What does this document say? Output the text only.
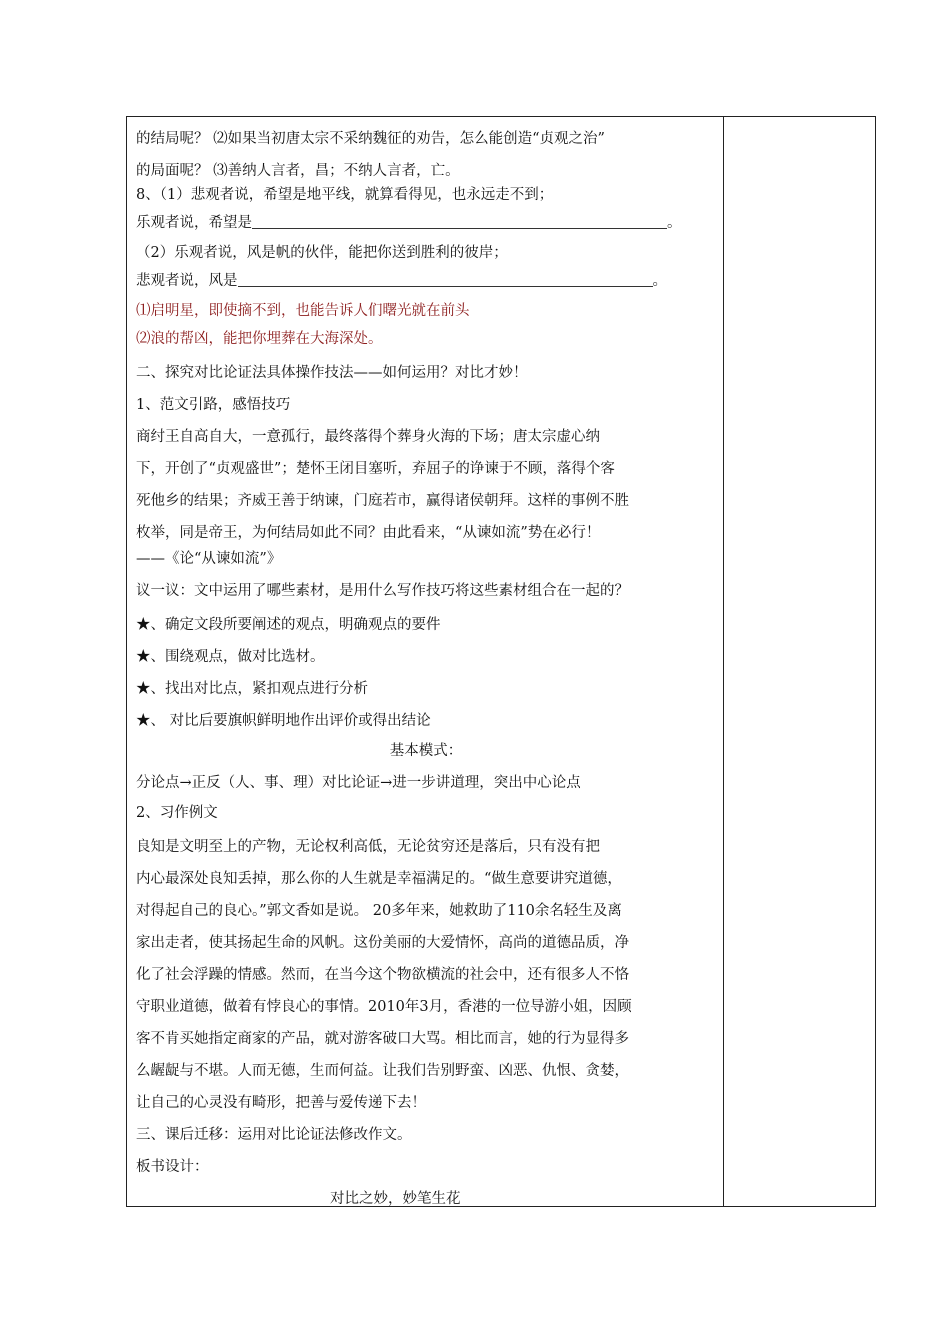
的结局呢？ ⑵如果当初唐太宗不采纳魏征的劝告，怎么能创造“贞观之治”
的局面呢？ ⑶善纳人言者，昌；不纳人言者，亡。
8、（1）悲观者说，希望是地平线，就算看得见，也永远走不到；
乐观者说，希望是	。
（2）乐观者说，风是帆的伙伴，能把你送到胜利的彼岸；
悲观者说，风是	。
⑴启明星，即使摘不到，也能告诉人们曙光就在前头
⑵浪的帮凶，能把你埋葬在大海深处。
二、探究对比论证法具体操作技法——如何运用？对比才妙！
1、范文引路，感悟技巧
商纣王自高自大，一意孤行，最终落得个葬身火海的下场；唐太宗虚心纳
下，开创了“贞观盛世”；楚怀王闭目塞听，弃屈子的诤谏于不顾，落得个客
死他乡的结果；齐威王善于纳谏，门庭若市，赢得诸侯朝拜。这样的事例不胜
枚举，同是帝王，为何结局如此不同？由此看来，“从谏如流”势在必行！
——《论“从谏如流”》
议一议：文中运用了哪些素材，是用什么写作技巧将这些素材组合在一起的？
★、确定文段所要阐述的观点，明确观点的要件
★、围绕观点，做对比选材。
★、找出对比点，紧扣观点进行分析
★、 对比后要旗帜鲜明地作出评价或得出结论
基本模式：
分论点→正反（人、事、理）对比论证→进一步讲道理，突出中心论点
2、习作例文
良知是文明至上的产物，无论权利高低，无论贫穷还是落后，只有没有把
内心最深处良知丢掉，那么你的人生就是幸福满足的。“做生意要讲究道德，
对得起自己的良心。”郭文香如是说。 20多年来，她救助了110余名轻生及离
家出走者，使其扬起生命的风帆。这份美丽的大爱情怀，高尚的道德品质，净
化了社会浮躁的情感。然而，在当今这个物欲横流的社会中，还有很多人不恪
守职业道德，做着有悖良心的事情。2010年3月，香港的一位导游小姐，因顾
客不肯买她指定商家的产品，就对游客破口大骂。相比而言，她的行为显得多
么龌龊与不堪。人而无德，生而何益。让我们告别野蛮、凶恶、仇恨、贪婪，
让自己的心灵没有畸形，把善与爱传递下去！
三、课后迁移：运用对比论证法修改作文。
板书设计：
对比之妙，妙笔生花
